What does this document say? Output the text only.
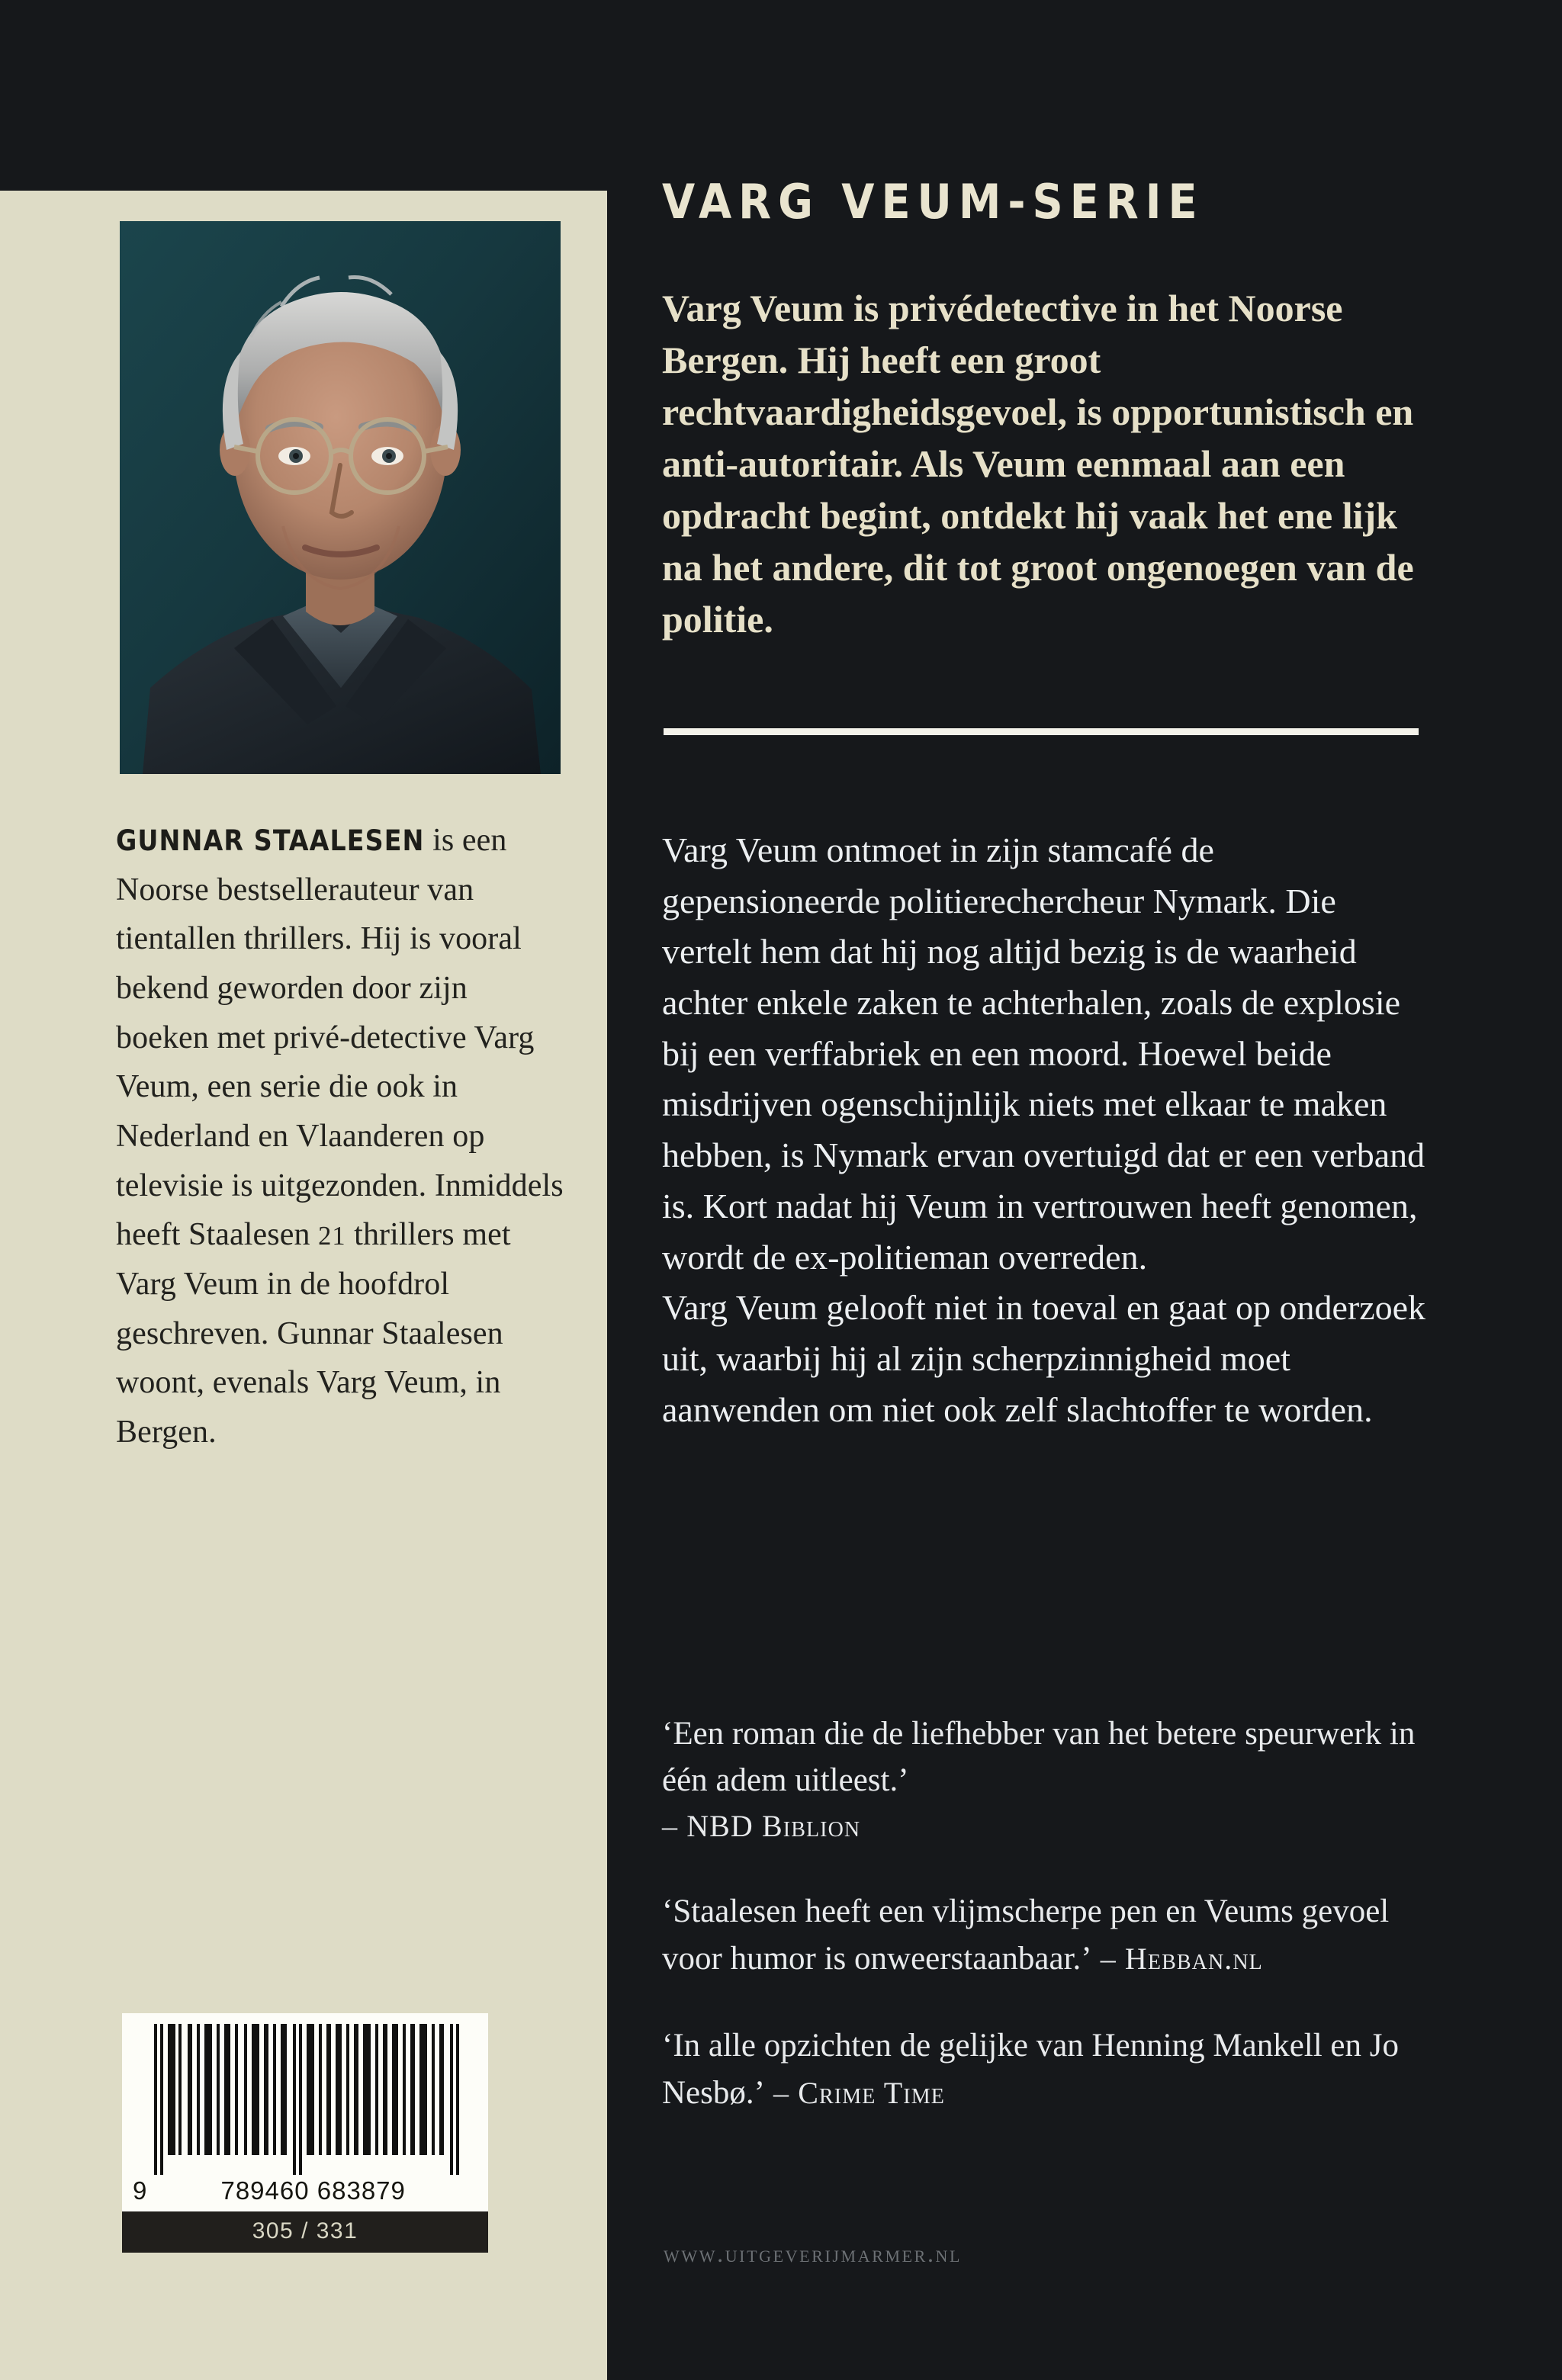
GUNNAR STAALESEN is een Noorse bestsellerauteur van tientallen thrillers. Hij is vooral bekend geworden door zijn boeken met privé-detective Varg Veum, een serie die ook in Nederland en Vlaanderen op televisie is uitgezonden. Inmiddels heeft Staalesen 21 thrillers met Varg Veum in de hoofdrol geschreven. Gunnar Staalesen woont, evenals Varg Veum, in Bergen.
9	789460 683879
305 / 331
VARG VEUM-SERIE
Varg Veum is privédetective in het Noorse Bergen. Hij heeft een groot rechtvaardigheidsgevoel, is opportunistisch en anti-autoritair. Als Veum eenmaal aan een opdracht begint, ontdekt hij vaak het ene lijk na het andere, dit tot groot ongenoegen van de politie.

Varg Veum ontmoet in zijn stamcafé de gepensioneerde politierechercheur Nymark. Die vertelt hem dat hij nog altijd bezig is de waarheid achter enkele zaken te achterhalen, zoals de explosie bij een verffabriek en een moord. Hoewel beide misdrijven ogenschijnlijk niets met elkaar te maken hebben, is Nymark ervan overtuigd dat er een verband is. Kort nadat hij Veum in vertrouwen heeft genomen, wordt de ex-politieman overreden.

Varg Veum gelooft niet in toeval en gaat op onderzoek uit, waarbij hij al zijn scherpzinnigheid moet aanwenden om niet ook zelf slachtoffer te worden.

‘Een roman die de liefhebber van het betere speurwerk in één adem uitleest.’
– NBD Biblion
‘Staalesen heeft een vlijmscherpe pen en Veums gevoel voor humor is onweerstaanbaar.’ – Hebban.nl
‘In alle opzichten de gelijke van Henning Mankell en Jo Nesbø.’ – Crime Time
www.uitgeverijmarmer.nl
